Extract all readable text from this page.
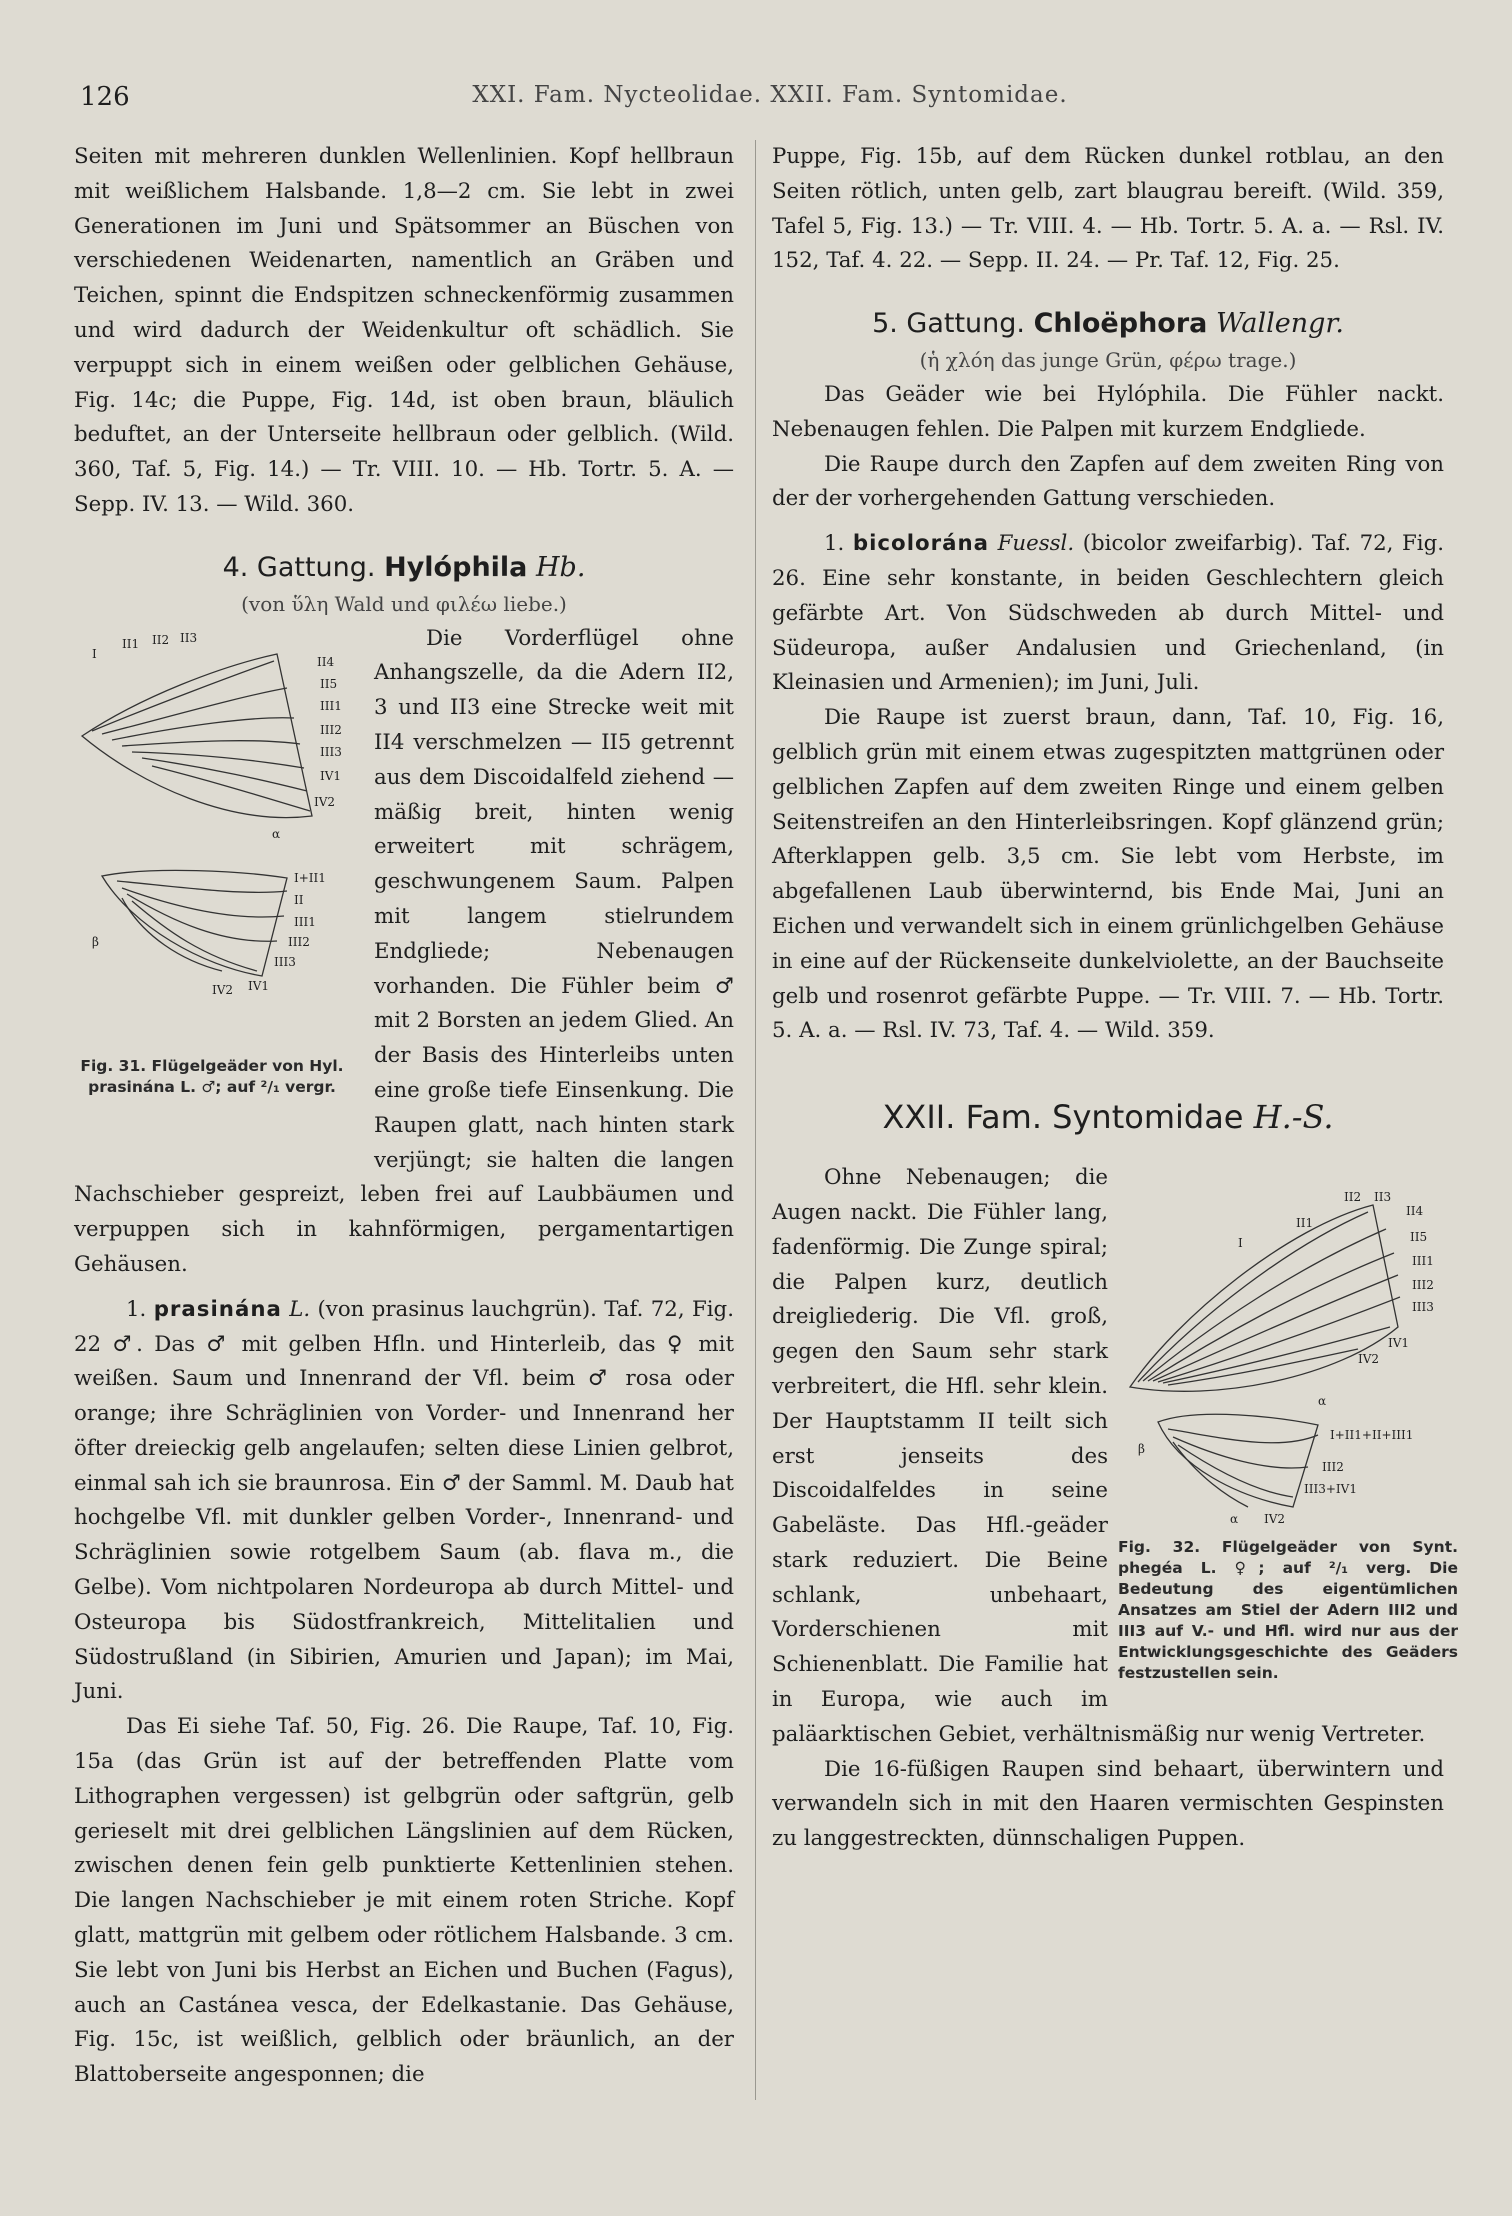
126	XXI. Fam. Nycteolidae. XXII. Fam. Syntomidae.

Seiten mit mehreren dunklen Wellenlinien. Kopf hellbraun mit weißlichem Halsbande. 1,8—2 cm. Sie lebt in zwei Generationen im Juni und Spätsommer an Büschen von verschiedenen Weidenarten, namentlich an Gräben und Teichen, spinnt die Endspitzen schneckenförmig zusammen und wird dadurch der Weidenkultur oft schädlich. Sie verpuppt sich in einem weißen oder gelblichen Gehäuse, Fig. 14c; die Puppe, Fig. 14d, ist oben braun, bläulich beduftet, an der Unterseite hellbraun oder gelblich. (Wild. 360, Taf. 5, Fig. 14.) — Tr. VIII. 10. — Hb. Tortr. 5. A. — Sepp. IV. 13. — Wild. 360.

4. Gattung. Hylóphila Hb.
(von ὕλη Wald und φιλέω liebe.)
I
II1 II2 II3
II4
II5
III1
III2
III3
IV1
IV2
α
I+II1
II
III1
III2
III3
IV1
IV2
β
Fig. 31. Flügelgeäder von Hyl. prasinána L. ♂; auf ²/₁ vergr.

Die Vorderflügel ohne Anhangszelle, da die Adern II2, 3 und II3 eine Strecke weit mit II4 verschmelzen — II5 getrennt aus dem Discoidalfeld ziehend — mäßig breit, hinten wenig erweitert mit schrägem, geschwungenem Saum. Palpen mit langem stielrundem Endgliede; Nebenaugen vorhanden. Die Fühler beim ♂ mit 2 Borsten an jedem Glied. An der Basis des Hinterleibs unten eine große tiefe Einsenkung. Die Raupen glatt, nach hinten stark verjüngt; sie halten die langen Nachschieber gespreizt, leben frei auf Laubbäumen und verpuppen sich in kahnförmigen, pergamentartigen Gehäusen.

1. prasinána L. (von prasinus lauchgrün). Taf. 72, Fig. 22 ♂. Das ♂ mit gelben Hfln. und Hinterleib, das ♀ mit weißen. Saum und Innenrand der Vfl. beim ♂ rosa oder orange; ihre Schräglinien von Vorder- und Innenrand her öfter dreieckig gelb angelaufen; selten diese Linien gelbrot, einmal sah ich sie braunrosa. Ein ♂ der Samml. M. Daub hat hochgelbe Vfl. mit dunkler gelben Vorder-, Innenrand- und Schräglinien sowie rotgelbem Saum (ab. flava m., die Gelbe). Vom nichtpolaren Nordeuropa ab durch Mittel- und Osteuropa bis Südostfrankreich, Mittelitalien und Südostrußland (in Sibirien, Amurien und Japan); im Mai, Juni.

Das Ei siehe Taf. 50, Fig. 26. Die Raupe, Taf. 10, Fig. 15a (das Grün ist auf der betreffenden Platte vom Lithographen vergessen) ist gelbgrün oder saftgrün, gelb gerieselt mit drei gelblichen Längslinien auf dem Rücken, zwischen denen fein gelb punktierte Kettenlinien stehen. Die langen Nachschieber je mit einem roten Striche. Kopf glatt, mattgrün mit gelbem oder rötlichem Halsbande. 3 cm. Sie lebt von Juni bis Herbst an Eichen und Buchen (Fagus), auch an Castánea vesca, der Edelkastanie. Das Gehäuse, Fig. 15c, ist weißlich, gelblich oder bräunlich, an der Blattoberseite angesponnen; die

Puppe, Fig. 15b, auf dem Rücken dunkel rotblau, an den Seiten rötlich, unten gelb, zart blaugrau bereift. (Wild. 359, Tafel 5, Fig. 13.) — Tr. VIII. 4. — Hb. Tortr. 5. A. a. — Rsl. IV. 152, Taf. 4. 22. — Sepp. II. 24. — Pr. Taf. 12, Fig. 25.

5. Gattung. Chloëphora Wallengr.
(ἡ χλόη das junge Grün, φέρω trage.)

Das Geäder wie bei Hylóphila. Die Fühler nackt. Nebenaugen fehlen. Die Palpen mit kurzem Endgliede.

Die Raupe durch den Zapfen auf dem zweiten Ring von der der vorhergehenden Gattung verschieden.

1. bicolorána Fuessl. (bicolor zweifarbig). Taf. 72, Fig. 26. Eine sehr konstante, in beiden Geschlechtern gleich gefärbte Art. Von Südschweden ab durch Mittel- und Südeuropa, außer Andalusien und Griechenland, (in Kleinasien und Armenien); im Juni, Juli.

Die Raupe ist zuerst braun, dann, Taf. 10, Fig. 16, gelblich grün mit einem etwas zugespitzten mattgrünen oder gelblichen Zapfen auf dem zweiten Ringe und einem gelben Seitenstreifen an den Hinterleibsringen. Kopf glänzend grün; Afterklappen gelb. 3,5 cm. Sie lebt vom Herbste, im abgefallenen Laub überwinternd, bis Ende Mai, Juni an Eichen und verwandelt sich in einem grünlichgelben Gehäuse in eine auf der Rückenseite dunkelviolette, an der Bauchseite gelb und rosenrot gefärbte Puppe. — Tr. VIII. 7. — Hb. Tortr. 5. A. a. — Rsl. IV. 73, Taf. 4. — Wild. 359.

XXII. Fam. Syntomidae H.-S.
I
II1
II2 II3
II4
II5
III1
III2
III3
IV1
IV2
α
β
I+II1+II+III1
III2
III3+IV1
IV2
α
Fig. 32. Flügelgeäder von Synt. phegéa L. ♀; auf ²/₁ verg. Die Bedeutung des eigentümlichen Ansatzes am Stiel der Adern III2 und III3 auf V.- und Hfl. wird nur aus der Entwicklungsgeschichte des Geäders festzustellen sein.

Ohne Nebenaugen; die Augen nackt. Die Fühler lang, fadenförmig. Die Zunge spiral; die Palpen kurz, deutlich dreigliederig. Die Vfl. groß, gegen den Saum sehr stark verbreitert, die Hfl. sehr klein. Der Hauptstamm II teilt sich erst jenseits des Discoidalfeldes in seine Gabeläste. Das Hfl.-geäder stark reduziert. Die Beine schlank, unbehaart, Vorderschienen mit Schienenblatt. Die Familie hat in Europa, wie auch im paläarktischen Gebiet, verhältnismäßig nur wenig Vertreter.

Die 16-füßigen Raupen sind behaart, überwintern und verwandeln sich in mit den Haaren vermischten Gespinsten zu langgestreckten, dünnschaligen Puppen.
